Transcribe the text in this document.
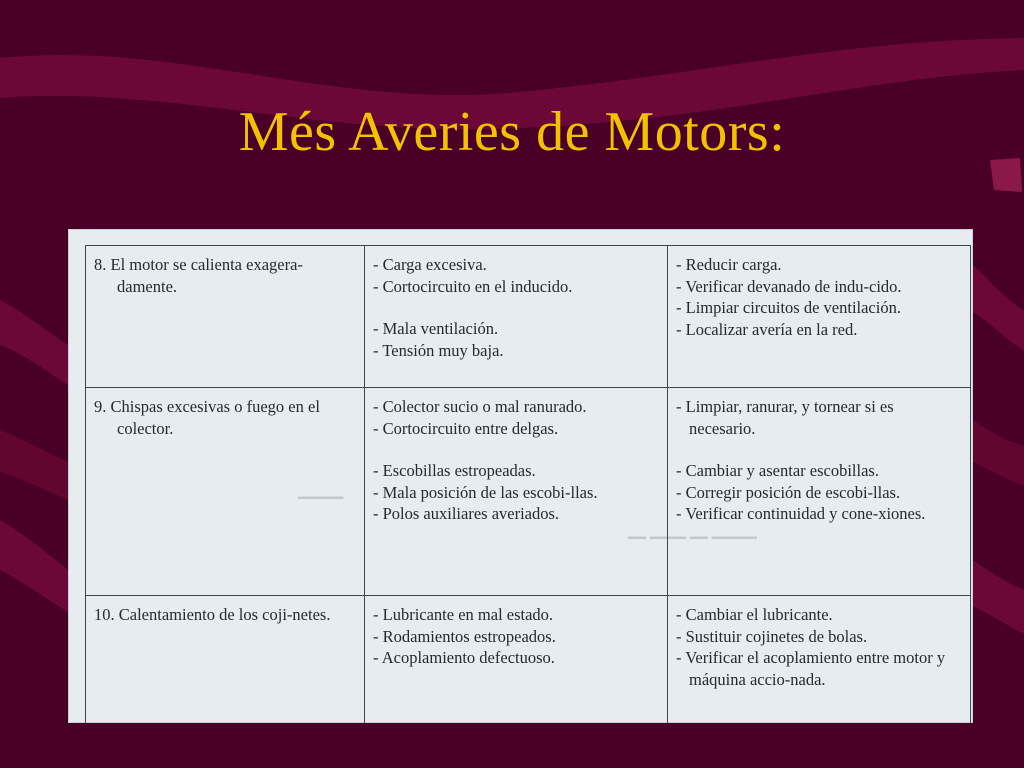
Més Averies de Motors:
━━ ━━━━ ━━ ━━━━━
━━━━━
8. El motor se calienta exagera-damente.	- Carga excesiva.
- Cortocircuito en el inducido.
- Mala ventilación.
- Tensión muy baja.	- Reducir carga.
- Verificar devanado de indu-cido.
- Limpiar circuitos de ventilación.
- Localizar avería en la red.

9. Chispas excesivas o fuego en el colector.	- Colector sucio o mal ranurado.
- Cortocircuito entre delgas.
- Escobillas estropeadas.
- Mala posición de las escobi-llas.
- Polos auxiliares averiados.	- Limpiar, ranurar, y tornear si es necesario.
- Cambiar y asentar escobillas.
- Corregir posición de escobi-llas.
- Verificar continuidad y cone-xiones.

10. Calentamiento de los coji-netes.	- Lubricante en mal estado.
- Rodamientos estropeados.
- Acoplamiento defectuoso.	- Cambiar el lubricante.
- Sustituir cojinetes de bolas.
- Verificar el acoplamiento entre motor y máquina accio-nada.
